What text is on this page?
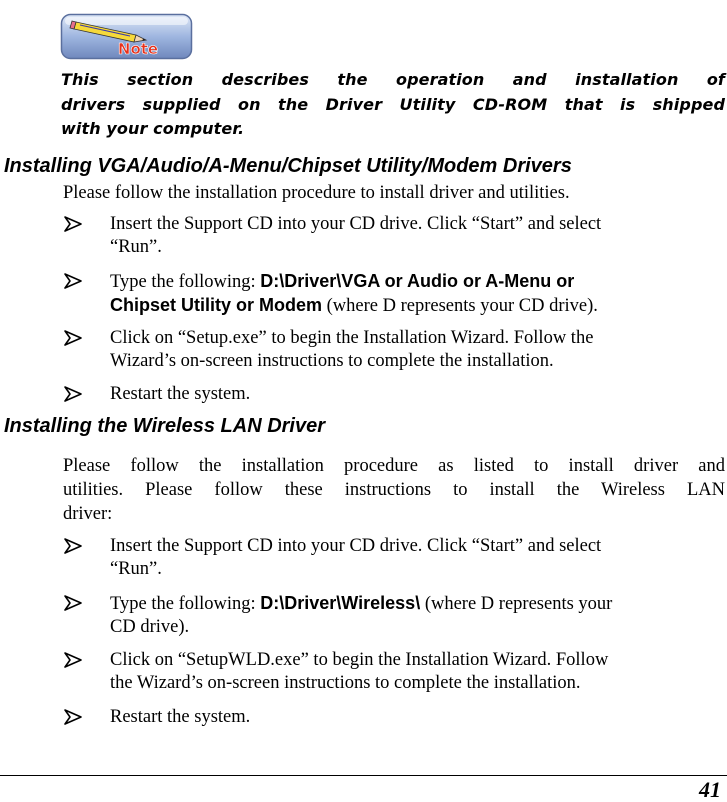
Note
This section describes the operation and installation of
drivers supplied on the Driver Utility CD-ROM that is shipped
with your computer.
Installing VGA/Audio/A-Menu/Chipset Utility/Modem Drivers
Please follow the installation procedure to install driver and utilities.
Insert the Support CD into your CD drive. Click “Start” and select
“Run”.
Type the following: D:\Driver\VGA or Audio or A-Menu or
Chipset Utility or Modem (where D represents your CD drive).
Click on “Setup.exe” to begin the Installation Wizard. Follow the
Wizard’s on-screen instructions to complete the installation.
Restart the system.
Installing the Wireless LAN Driver
Please follow the installation procedure as listed to install driver and
utilities. Please follow these instructions to install the Wireless LAN
driver:
Insert the Support CD into your CD drive. Click “Start” and select
“Run”.
Type the following: D:\Driver\Wireless\ (where D represents your
CD drive).
Click on “SetupWLD.exe” to begin the Installation Wizard. Follow
the Wizard’s on-screen instructions to complete the installation.
Restart the system.
41
